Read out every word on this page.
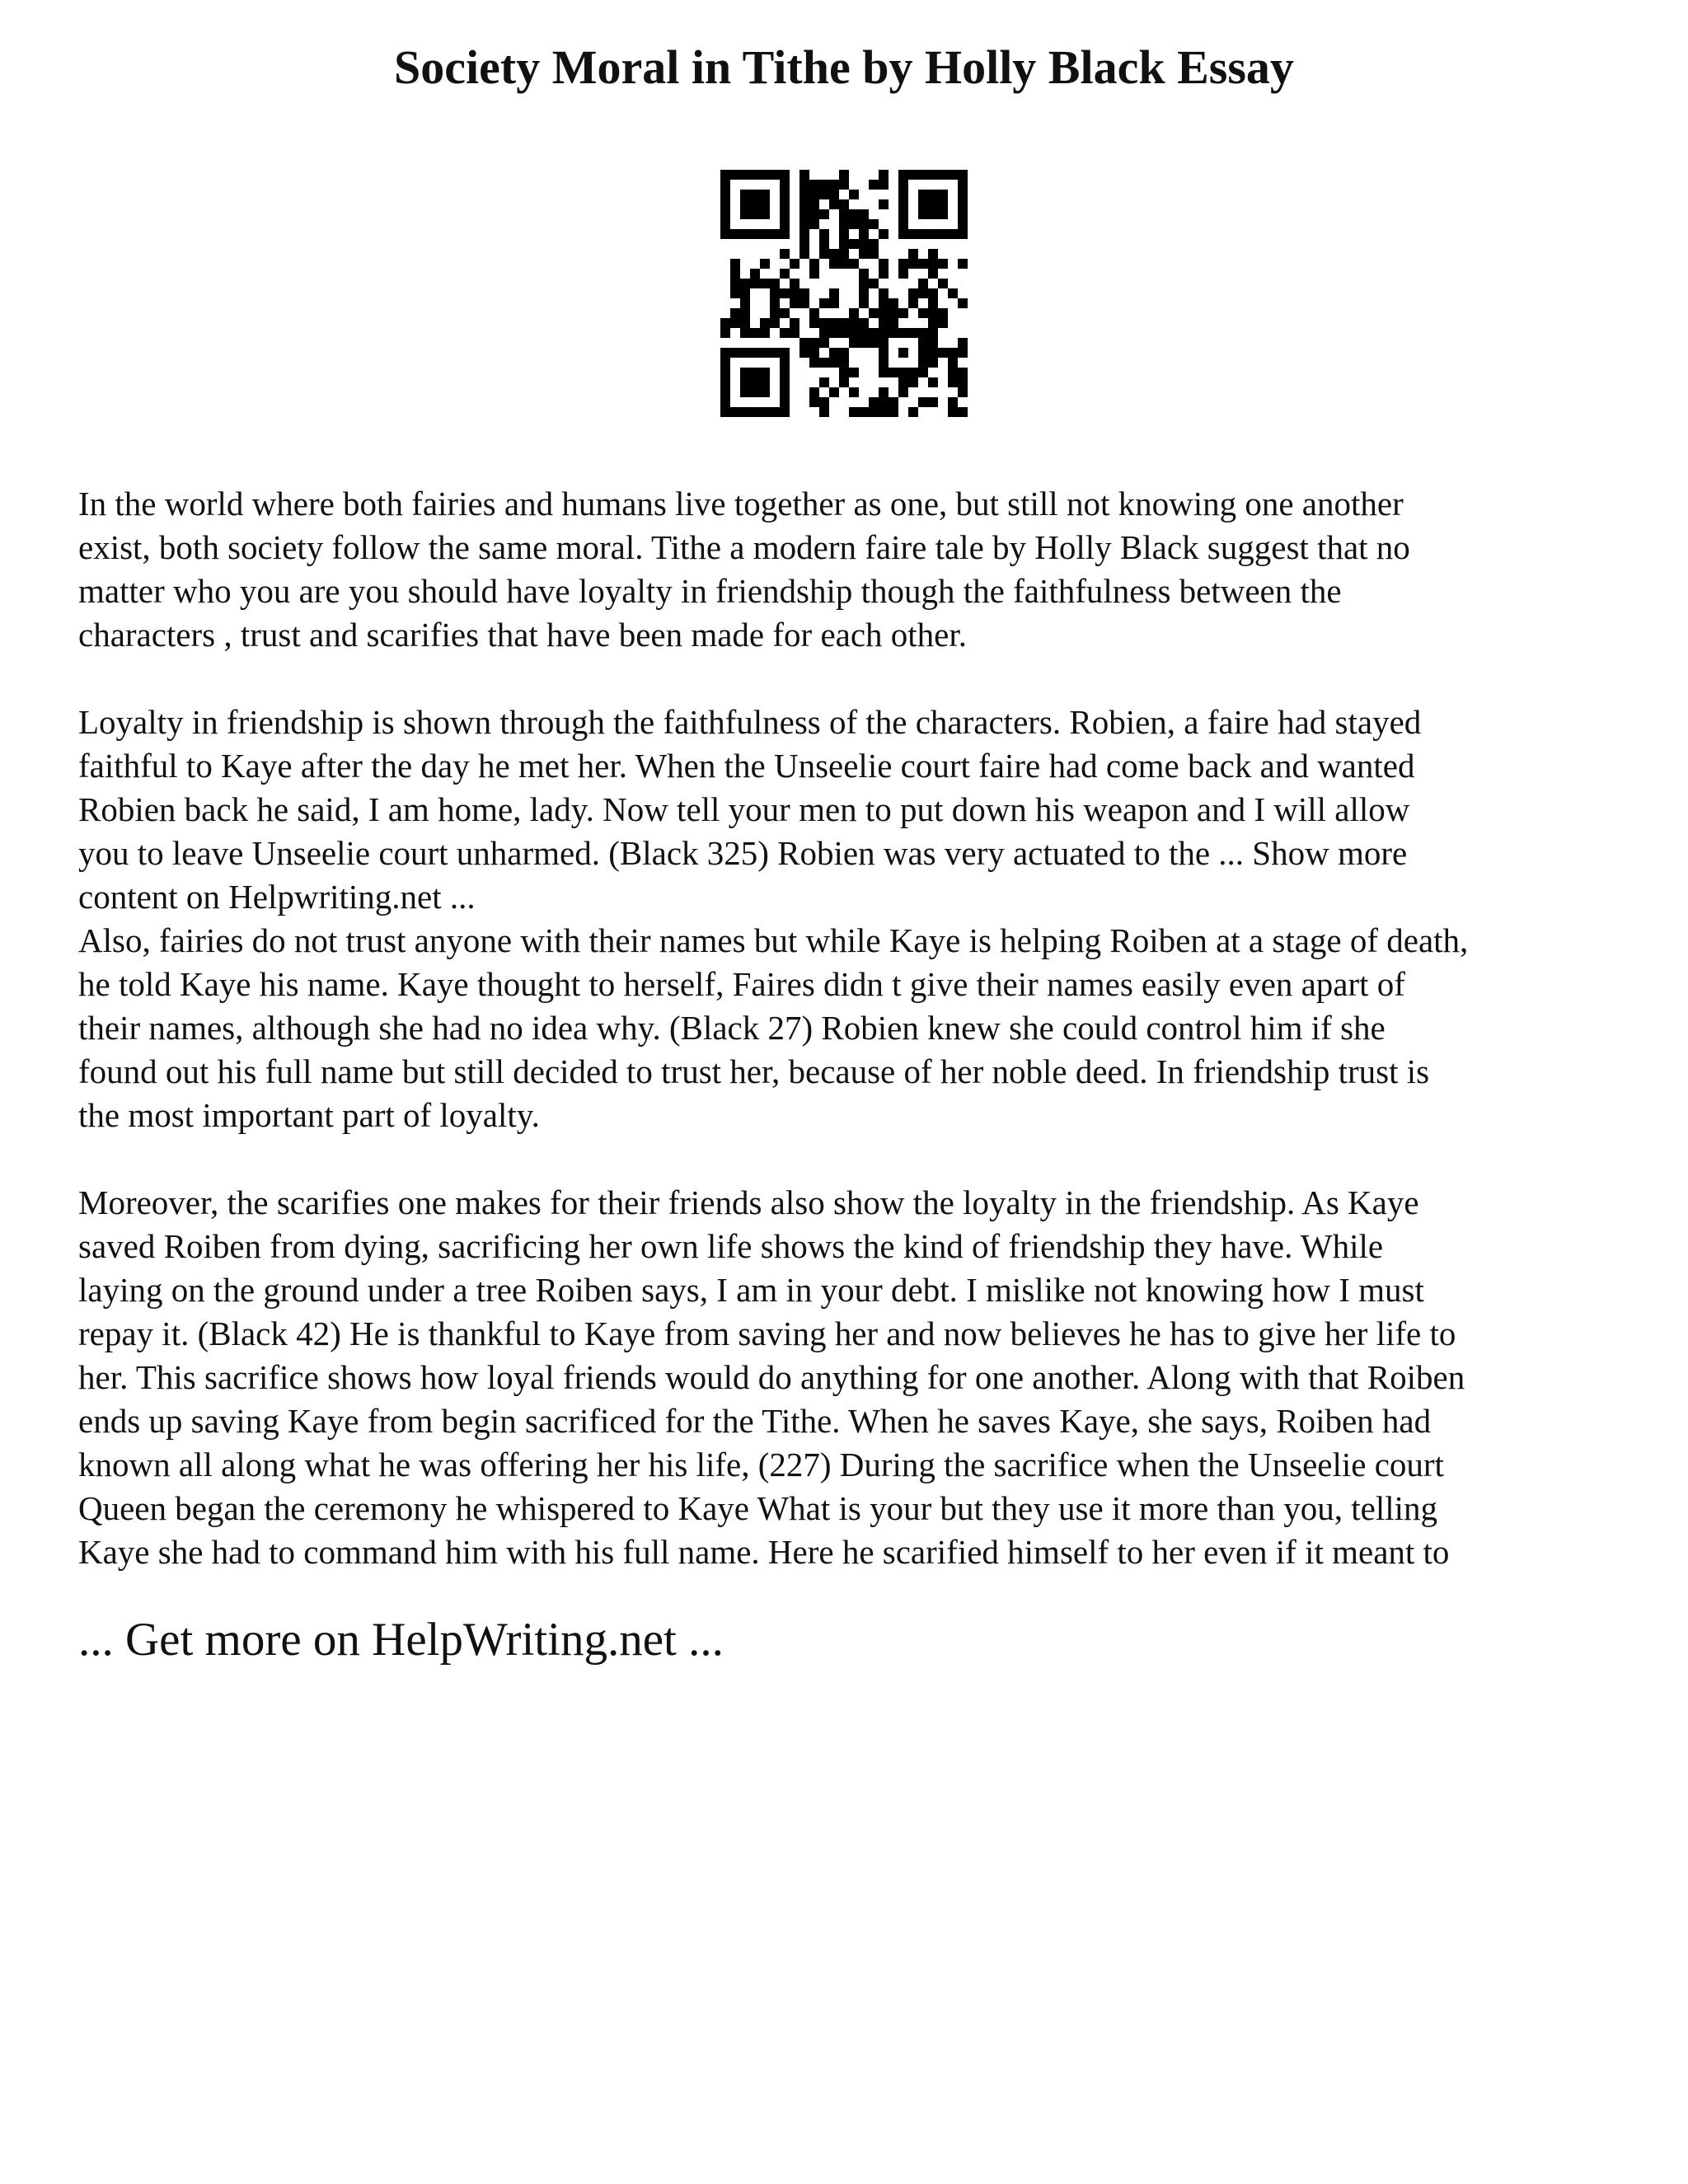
Society Moral in Tithe by Holly Black Essay

In the world where both fairies and humans live together as one, but still not knowing one another
exist, both society follow the same moral. Tithe a modern faire tale by Holly Black suggest that no
matter who you are you should have loyalty in friendship though the faithfulness between the
characters , trust and scarifies that have been made for each other.

Loyalty in friendship is shown through the faithfulness of the characters. Robien, a faire had stayed
faithful to Kaye after the day he met her. When the Unseelie court faire had come back and wanted
Robien back he said, I am home, lady. Now tell your men to put down his weapon and I will allow
you to leave Unseelie court unharmed. (Black 325) Robien was very actuated to the ... Show more
content on Helpwriting.net ...

Also, fairies do not trust anyone with their names but while Kaye is helping Roiben at a stage of death,
he told Kaye his name. Kaye thought to herself, Faires didn t give their names easily even apart of
their names, although she had no idea why. (Black 27) Robien knew she could control him if she
found out his full name but still decided to trust her, because of her noble deed. In friendship trust is
the most important part of loyalty.

Moreover, the scarifies one makes for their friends also show the loyalty in the friendship. As Kaye
saved Roiben from dying, sacrificing her own life shows the kind of friendship they have. While
laying on the ground under a tree Roiben says, I am in your debt. I mislike not knowing how I must
repay it. (Black 42) He is thankful to Kaye from saving her and now believes he has to give her life to
her. This sacrifice shows how loyal friends would do anything for one another. Along with that Roiben
ends up saving Kaye from begin sacrificed for the Tithe. When he saves Kaye, she says, Roiben had
known all along what he was offering her his life, (227) During the sacrifice when the Unseelie court
Queen began the ceremony he whispered to Kaye What is your but they use it more than you, telling
Kaye she had to command him with his full name. Here he scarified himself to her even if it meant to

... Get more on HelpWriting.net ...
